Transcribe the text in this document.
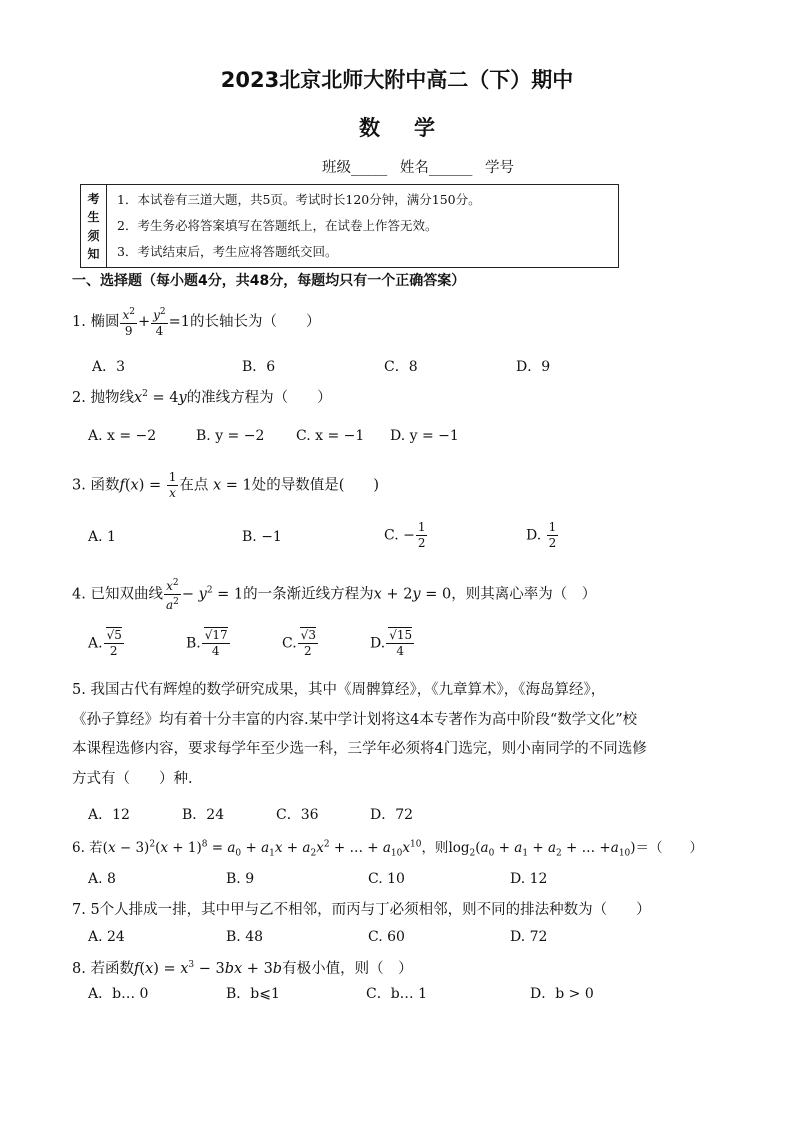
2023北京北师大附中高二（下）期中
数学
班级_____ 姓名______ 学号
考
生
须
知
1．本试卷有三道大题，共5页。考试时长120分钟，满分150分。
2．考生务必将答案填写在答题纸上，在试卷上作答无效。
3．考试结束后，考生应将答题纸交回。
一、选择题（每小题4分，共48分，每题均只有一个正确答案）
1. 椭圆 $\frac{x^2}{9} + \frac{y^2}{4} =1$的长轴长为（　　）
A．3	B．6	C．8	D．9
2. 抛物线$x^2 = 4y$的准线方程为（　　）
A. x = −2	B. y = −2 C. x = −1 D. y = −1
3. 函数$f(x) = \frac{1}{x}$ 在点 x = 1处的导数值是(　　)
A. 1	B. −1	C. − $\frac{1}{2}$	D. $\frac{1}{2}$
4. 已知双曲线 $\frac{x^2}{a^2} - y^2 = 1$的一条渐近线方程为x + 2y = 0，则其离心率为（　）
A. √ $\frac{5}{2}$	B. √ $\frac{17}{4}$	C. √ $\frac{3}{2}$	D. √ $\frac{15}{4}$
5. 我国古代有辉煌的数学研究成果，其中《周髀算经》，《九章算术》，《海岛算经》，
《孙子算经》均有着十分丰富的内容.某中学计划将这4本专著作为高中阶段“数学文化”校
本课程选修内容，要求每学年至少选一科，三学年必须将4门选完，则小南同学的不同选修
方式有（　　）种.
A．12	B．24	C．36	D．72
6. 若$(x - 3)^2(x + 1)^8 = a_0 + a_1x + a_2x^2$ + … + $a_{10}x^{10}$，则$\log_2(a_0 + a_1 + a_2$ + … $+a_{10})=$（　　）
A. 8	B. 9	C. 10	D. 12
7. 5个人排成一排，其中甲与乙不相邻，而丙与丁必须相邻，则不同的排法种数为（　　）
A. 24	B. 48	C. 60	D. 72
8. 若函数$f(x) = x^3 - 3bx + 3b$有极小值，则（　）
A．b… 0	B．b⩽1	C．b… 1	D．b > 0
